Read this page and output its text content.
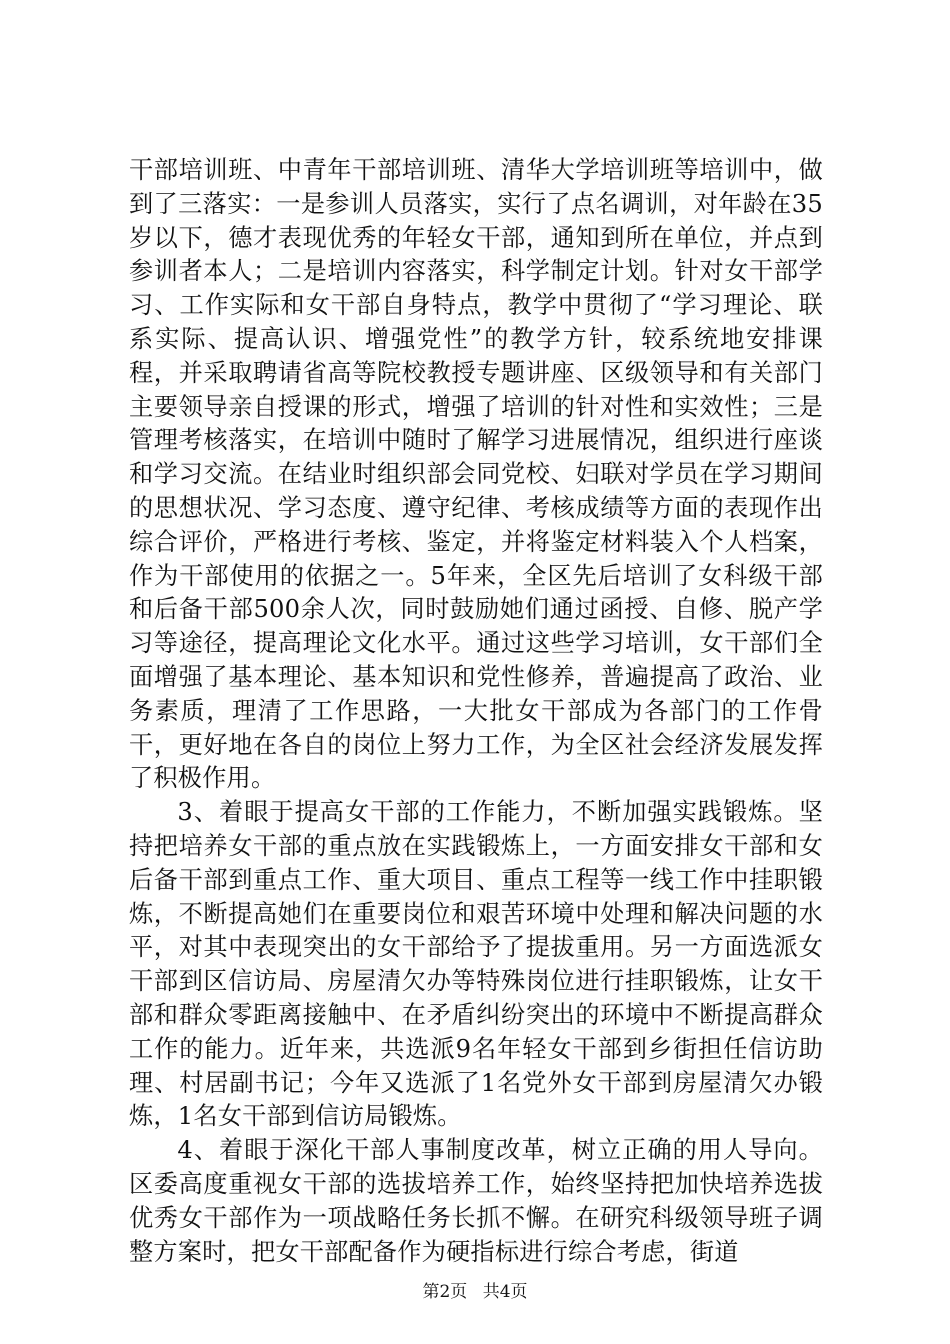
干部培训班、中青年干部培训班、清华大学培训班等培训中，做到了三落实：一是参训人员落实，实行了点名调训，对年龄在35岁以下，德才表现优秀的年轻女干部，通知到所在单位，并点到参训者本人；二是培训内容落实，科学制定计划。针对女干部学习、工作实际和女干部自身特点，教学中贯彻了“学习理论、联系实际、提高认识、增强党性”的教学方针，较系统地安排课程，并采取聘请省高等院校教授专题讲座、区级领导和有关部门主要领导亲自授课的形式，增强了培训的针对性和实效性；三是管理考核落实，在培训中随时了解学习进展情况，组织进行座谈和学习交流。在结业时组织部会同党校、妇联对学员在学习期间的思想状况、学习态度、遵守纪律、考核成绩等方面的表现作出综合评价，严格进行考核、鉴定，并将鉴定材料装入个人档案，作为干部使用的依据之一。5年来，全区先后培训了女科级干部和后备干部500余人次，同时鼓励她们通过函授、自修、脱产学习等途径，提高理论文化水平。通过这些学习培训，女干部们全面增强了基本理论、基本知识和党性修养，普遍提高了政治、业务素质，理清了工作思路，一大批女干部成为各部门的工作骨干，更好地在各自的岗位上努力工作，为全区社会经济发展发挥了积极作用。

3、着眼于提高女干部的工作能力，不断加强实践锻炼。坚持把培养女干部的重点放在实践锻炼上，一方面安排女干部和女后备干部到重点工作、重大项目、重点工程等一线工作中挂职锻炼，不断提高她们在重要岗位和艰苦环境中处理和解决问题的水平，对其中表现突出的女干部给予了提拔重用。另一方面选派女干部到区信访局、房屋清欠办等特殊岗位进行挂职锻炼，让女干部和群众零距离接触中、在矛盾纠纷突出的环境中不断提高群众工作的能力。近年来，共选派9名年轻女干部到乡街担任信访助理、村居副书记；今年又选派了1名党外女干部到房屋清欠办锻炼，1名女干部到信访局锻炼。

4、着眼于深化干部人事制度改革，树立正确的用人导向。区委高度重视女干部的选拔培养工作，始终坚持把加快培养选拔优秀女干部作为一项战略任务长抓不懈。在研究科级领导班子调整方案时，把女干部配备作为硬指标进行综合考虑，街道

第2页 共4页
